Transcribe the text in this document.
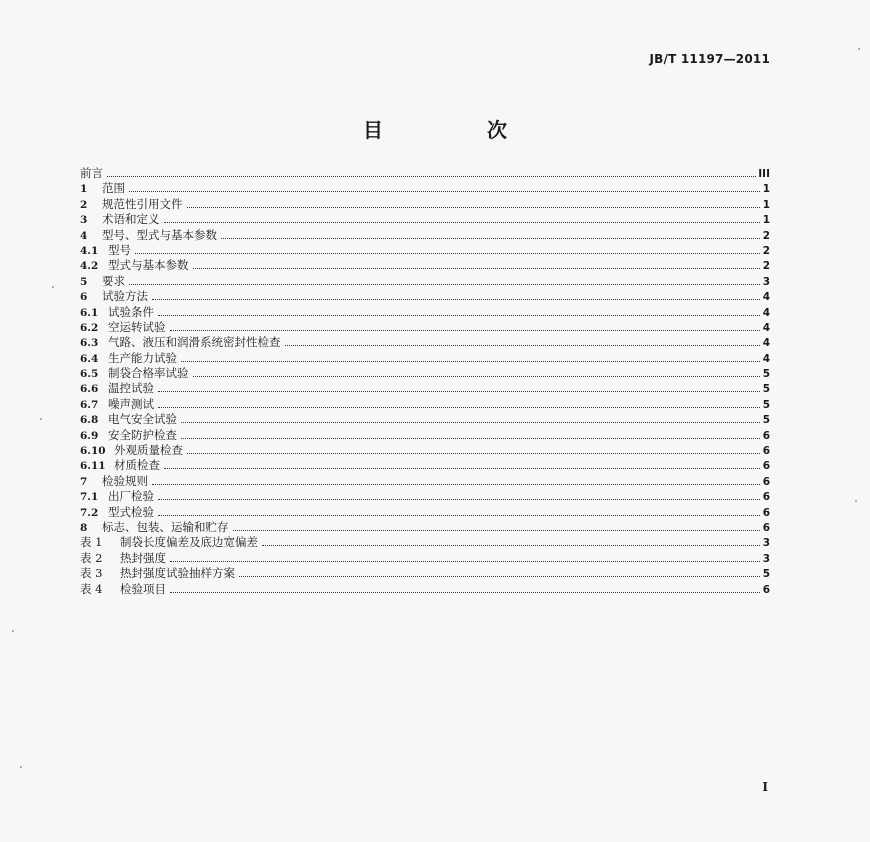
JB/T 11197—2011
目　次
前言	III
1	范围	1
2	规范性引用文件	1
3	术语和定义	1
4	型号、型式与基本参数	2
4.1 型号	2
4.2 型式与基本参数	2
5	要求	3
6	试验方法	4
6.1 试验条件	4
6.2 空运转试验	4
6.3 气路、液压和润滑系统密封性检查	4
6.4 生产能力试验	4
6.5 制袋合格率试验	5
6.6 温控试验	5
6.7 噪声测试	5
6.8 电气安全试验	5
6.9 安全防护检查	6
6.10 外观质量检查	6
6.11 材质检查	6
7	检验规则	6
7.1 出厂检验	6
7.2 型式检验	6
8	标志、包装、运输和贮存	6
表 1	制袋长度偏差及底边宽偏差	3
表 2	热封强度	3
表 3	热封强度试验抽样方案	5
表 4	检验项目	6
I
